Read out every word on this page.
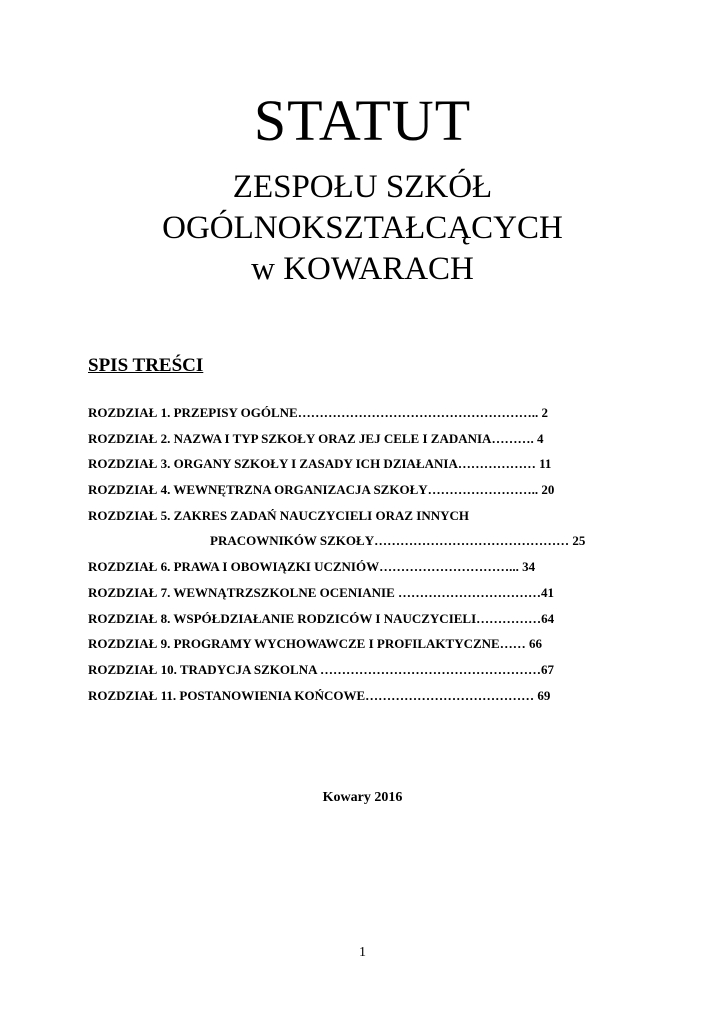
STATUT
ZESPOŁU SZKÓŁ
OGÓLNOKSZTAŁCĄCYCH
w KOWARACH
SPIS TREŚCI
ROZDZIAŁ 1. PRZEPISY OGÓLNE……………………………………………….. 2
ROZDZIAŁ 2. NAZWA I TYP SZKOŁY ORAZ JEJ CELE I ZADANIA………. 4
ROZDZIAŁ 3. ORGANY SZKOŁY I ZASADY ICH DZIAŁANIA……………… 11
ROZDZIAŁ 4. WEWNĘTRZNA ORGANIZACJA SZKOŁY…………………….. 20
ROZDZIAŁ 5. ZAKRES ZADAŃ NAUCZYCIELI ORAZ INNYCH
PRACOWNIKÓW SZKOŁY……………………………………… 25
ROZDZIAŁ 6. PRAWA I OBOWIĄZKI UCZNIÓW…………………………... 34
ROZDZIAŁ 7. WEWNĄTRZSZKOLNE OCENIANIE ……………………………41
ROZDZIAŁ 8. WSPÓŁDZIAŁANIE RODZICÓW I NAUCZYCIELI……………64
ROZDZIAŁ 9. PROGRAMY WYCHOWAWCZE I PROFILAKTYCZNE…… 66
ROZDZIAŁ 10. TRADYCJA SZKOLNA ……………………………………………67
ROZDZIAŁ 11. POSTANOWIENIA KOŃCOWE………………………………… 69
Kowary 2016
1
